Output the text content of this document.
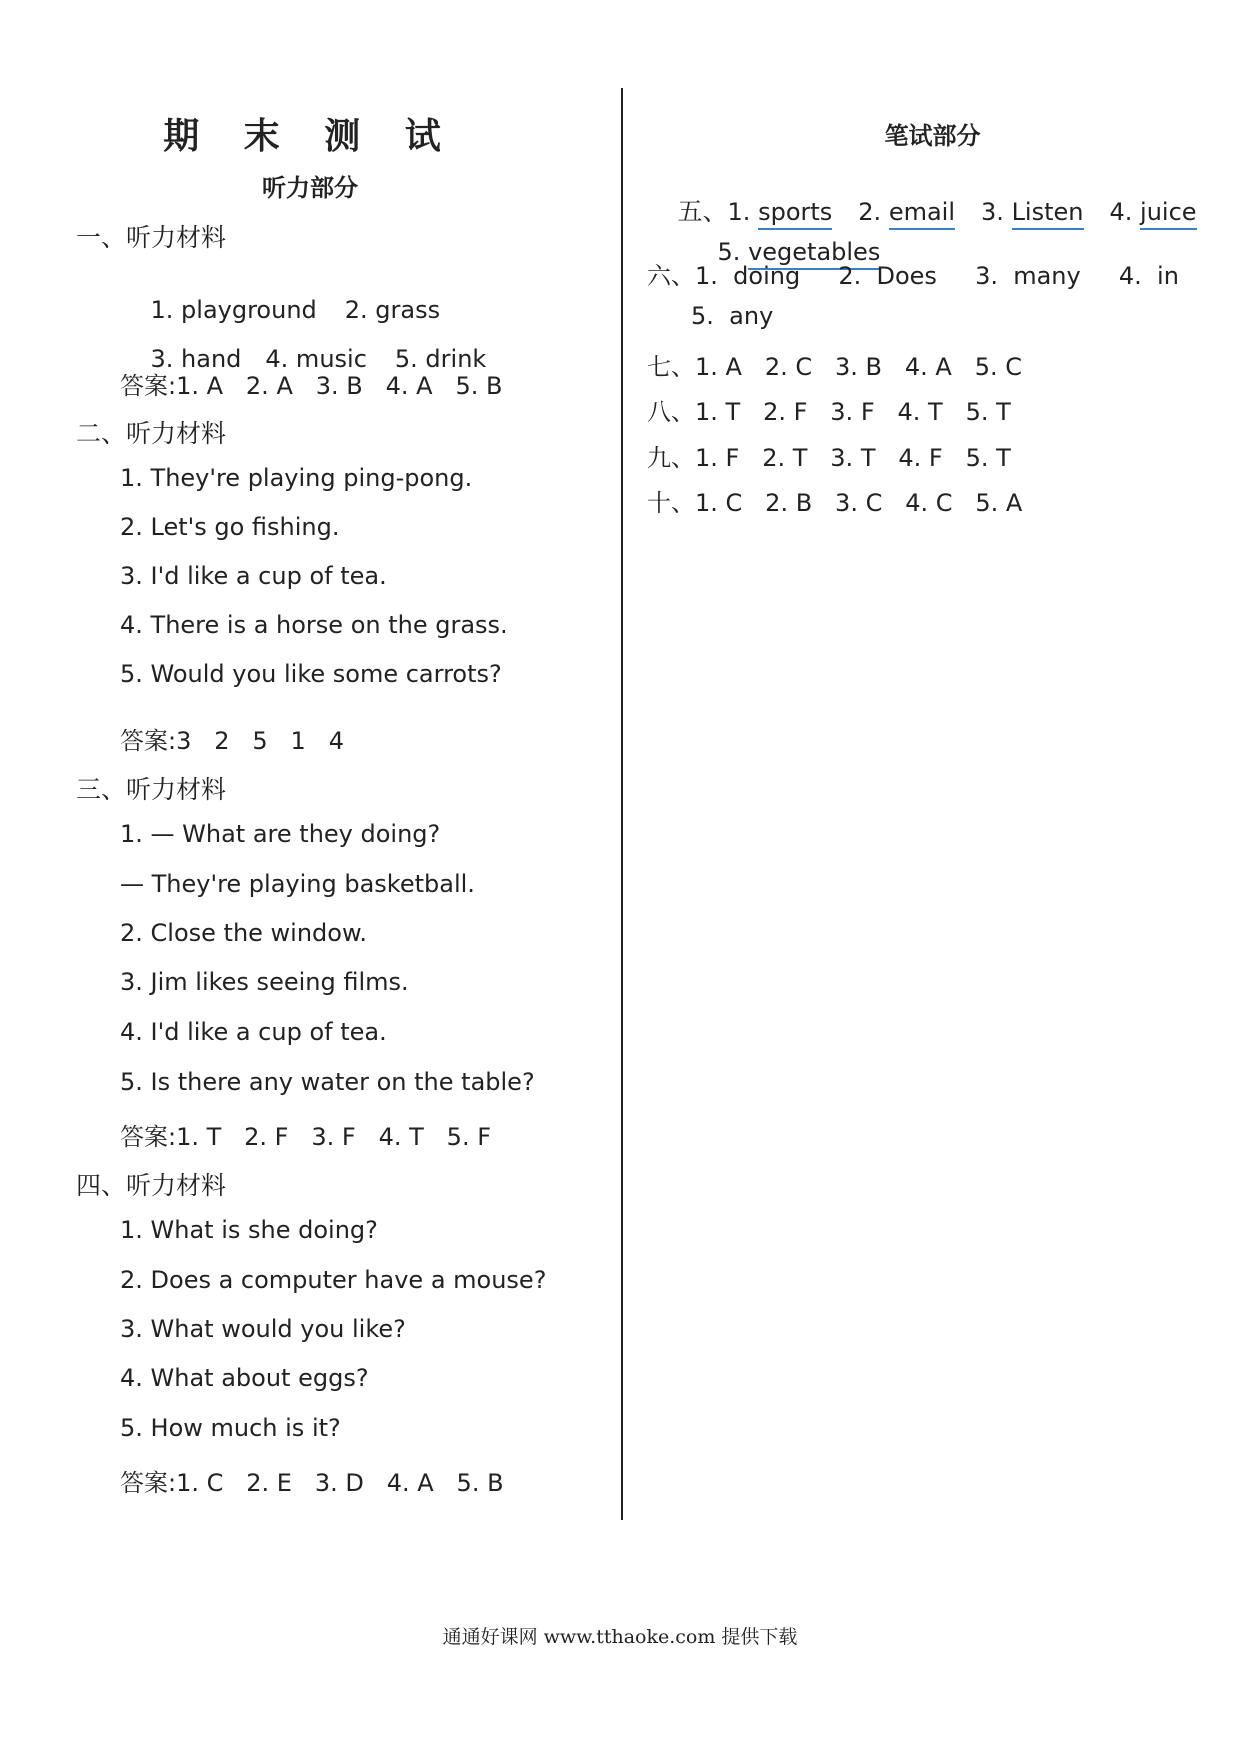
期 末 测 试
听力部分
一、听力材料

1. playground 2. grass

3. hand 4. music 5. drink

答案:1. A   2. A   3. B   4. A   5. B
二、听力材料
1. They're playing ping-pong.
2. Let's go fishing.
3. I'd like a cup of tea.
4. There is a horse on the grass.
5. Would you like some carrots?
答案:3   2   5   1   4
三、听力材料
1. — What are they doing?
— They're playing basketball.
2. Close the window.
3. Jim likes seeing films.
4. I'd like a cup of tea.
5. Is there any water on the table?
答案:1. T   2. F   3. F   4. T   5. F
四、听力材料
1. What is she doing?
2. Does a computer have a mouse?
3. What would you like?
4. What about eggs?
5. How much is it?
答案:1. C   2. E   3. D   4. A   5. B
笔试部分

五、1. sports 2. email 3. Listen 4. juice

5. vegetables

六、1.  doing     2.  Does     3.  many     4.  in
5.  any
七、1. A   2. C   3. B   4. A   5. C
八、1. T   2. F   3. F   4. T   5. T
九、1. F   2. T   3. T   4. F   5. T
十、1. C   2. B   3. C   4. C   5. A
通通好课网 www.tthaoke.com 提供下载
